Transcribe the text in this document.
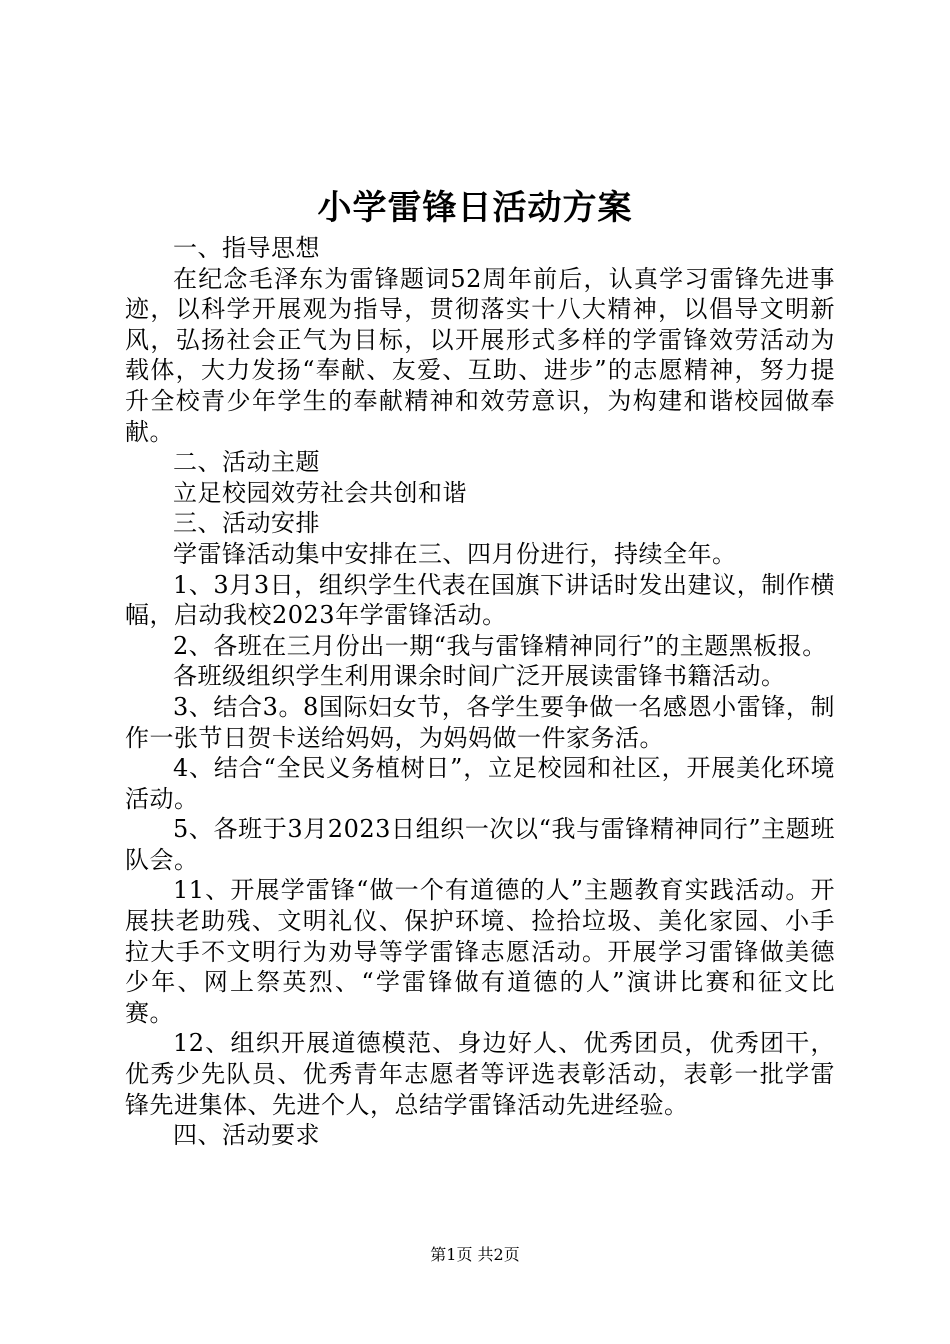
小学雷锋日活动方案

一、指导思想

在纪念毛泽东为雷锋题词52周年前后，认真学习雷锋先进事迹，以科学开展观为指导，贯彻落实十八大精神，以倡导文明新风，弘扬社会正气为目标，以开展形式多样的学雷锋效劳活动为载体，大力发扬“奉献、友爱、互助、进步”的志愿精神，努力提升全校青少年学生的奉献精神和效劳意识，为构建和谐校园做奉献。

二、活动主题

立足校园效劳社会共创和谐

三、活动安排

学雷锋活动集中安排在三、四月份进行，持续全年。

1、3月3日，组织学生代表在国旗下讲话时发出建议，制作横幅，启动我校2023年学雷锋活动。

2、各班在三月份出一期“我与雷锋精神同行”的主题黑板报。

各班级组织学生利用课余时间广泛开展读雷锋书籍活动。

3、结合3。8国际妇女节，各学生要争做一名感恩小雷锋，制作一张节日贺卡送给妈妈，为妈妈做一件家务活。

4、结合“全民义务植树日”，立足校园和社区，开展美化环境活动。

5、各班于3月2023日组织一次以“我与雷锋精神同行”主题班队会。

11、开展学雷锋“做一个有道德的人”主题教育实践活动。开展扶老助残、文明礼仪、保护环境、捡拾垃圾、美化家园、小手拉大手不文明行为劝导等学雷锋志愿活动。开展学习雷锋做美德少年、网上祭英烈、“学雷锋做有道德的人”演讲比赛和征文比赛。

12、组织开展道德模范、身边好人、优秀团员，优秀团干，优秀少先队员、优秀青年志愿者等评选表彰活动，表彰一批学雷锋先进集体、先进个人，总结学雷锋活动先进经验。

四、活动要求

第1页 共2页
